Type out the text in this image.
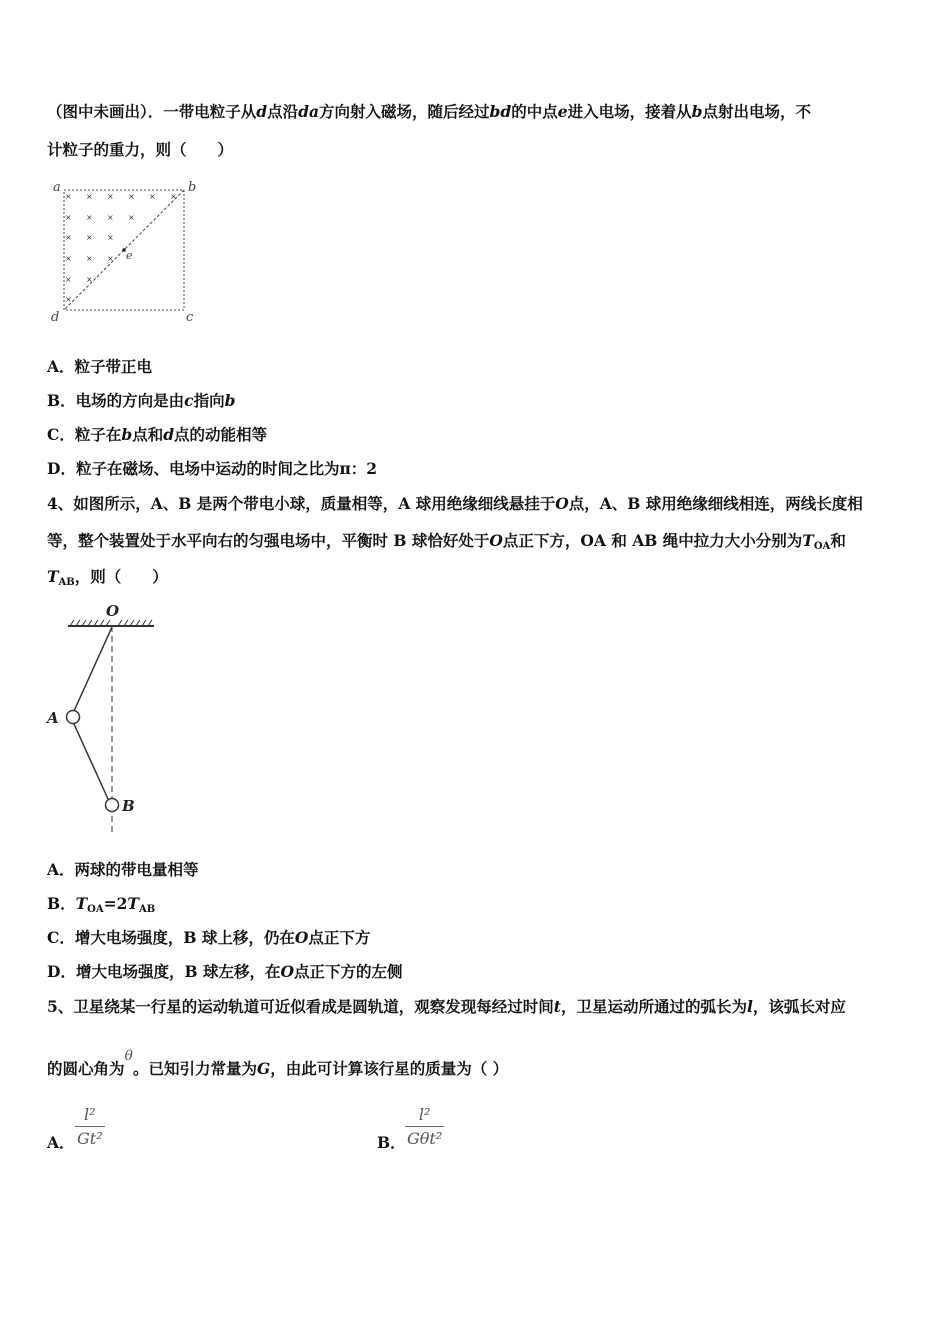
（图中未画出）．一带电粒子从d点沿da方向射入磁场，随后经过bd的中点e进入电场，接着从b点射出电场，不
计粒子的重力，则（　　）
× × × × × ×
× × × ×
× × ×
× × ×
× ×
×
a	b
c
d
e
A．粒子带正电
B．电场的方向是由c指向b
C．粒子在b点和d点的动能相等
D．粒子在磁场、电场中运动的时间之比为π：2
4、如图所示，A、B 是两个带电小球，质量相等，A 球用绝缘细线悬挂于O点，A、B 球用绝缘细线相连，两线长度相
等，整个装置处于水平向右的匀强电场中，平衡时 B 球恰好处于O点正下方，OA 和 AB 绳中拉力大小分别为$T_{OA}$和
$T_{AB}$，则（　　）
O
A
B
A．两球的带电量相等
B．$T_{OA}=2T_{AB}$
C．增大电场强度，B 球上移，仍在O点正下方
D．增大电场强度，B 球左移，在O点正下方的左侧
5、卫星绕某一行星的运动轨道可近似看成是圆轨道，观察发现每经过时间t，卫星运动所通过的弧长为l，该弧长对应
的圆心角为θ。已知引力常量为G，由此可计算该行星的质量为（ ）
A．
l²
Gt²	B．
l²
Gθt²
